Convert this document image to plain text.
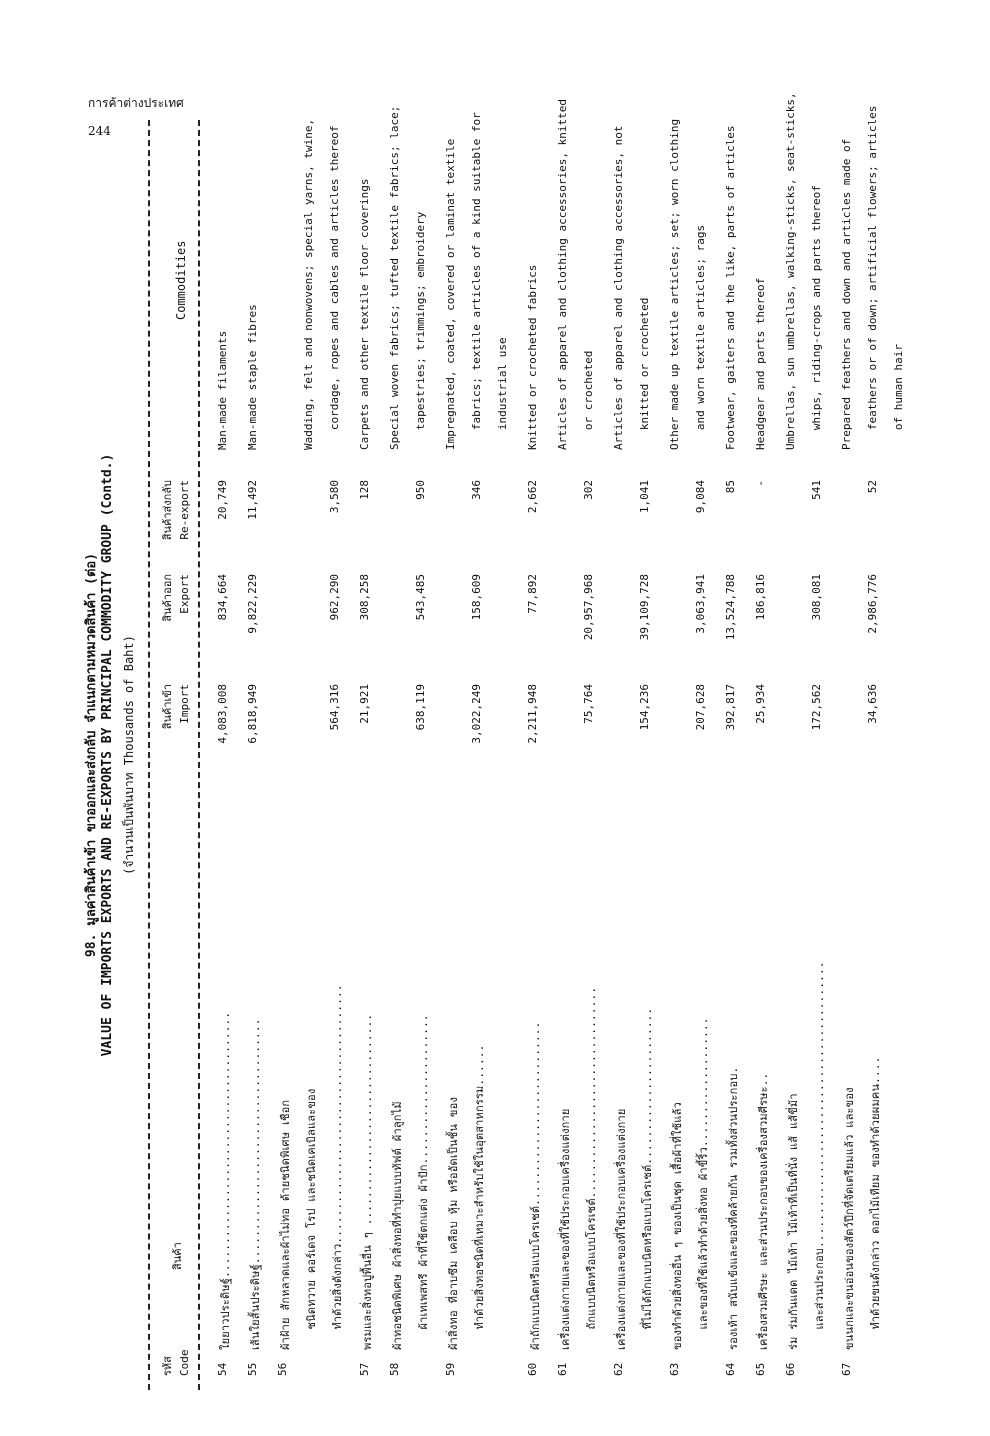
การค้าต่างประเทศ
244
98. มูลค่าสินค้าเข้า ขาออกและส่งกลับ จำแนกตามหมวดสินค้า (ต่อ) VALUE OF IMPORTS EXPORTS AND RE-EXPORTS BY PRINCIPAL COMMODITY GROUP (Contd.) (จำนวนเป็นพันบาท Thousands of Baht)
รหัส Code
สินค้า
สินค้าเข้า Import
สินค้าออก Export
สินค้าส่งกลับ Re-export
Commodities
54
ใยยาวประดิษฐ์.......................................
4,083,008
834,664
20,749
Man-made filaments
55
เส้นใยสั้นประดิษฐ์....................................
6,818,949
9,822,229
11,492
Man-made staple fibres
56
ผ้าฝ้าย สักหลาดและผ้าไม่ทอ ด้ายชนิดพิเศษ เชือก ชนิดทวาย คอร์เดจ โรป และชนิดเคเบิลและของ ทำด้วยสิ่งดังกล่าว......................................
564,316
962,290
3,580
Wadding, felt and nonwovens; special yarns, twine, cordage, ropes and cables and articles thereof
57
พรมและสิ่งทอปูพื้นอื่น ๆ ...............................
21,921
308,258
128
Carpets and other textile floor coverings
58
ผ้าทอชนิดพิเศษ ผ้าสิ่งทอที่ทำปุยแบบทัฟต์ ผ้าลูกไม้ ผ้าเทเพสทรี ผ้าที่ใช้ตกแต่ง ผ้าปัก......................
638,119
543,485
950
Special woven fabrics; tufted textile fabrics; lace; tapestries; trimmings; embroidery
59
ผ้าสิ่งทอ ที่อาบซึม เคลือบ หุ้ม หรืออัดเป็นชั้น ของ ทำด้วยสิ่งทอชนิดที่เหมาะสำหรับใช้ในอุตสาหกรรม......
3,022,249
158,609
346
Impregnated, coated, covered or laminat textile fabrics; textile articles of a kind suitable for industrial use
60
ผ้าถักแบบนิตหรือแบบโครเชต์...........................
2,211,948
77,892
2,662
Knitted or crocheted fabrics
61
เครื่องแต่งกายและของที่ใช้ประกอบเครื่องแต่งกาย ถักแบบนิตหรือแบบโครเชต์...............................
75,764
20,957,968
302
Articles of apparel and clothing accessories, knitted or crocheted
62
เครื่องแต่งกายและของที่ใช้ประกอบเครื่องแต่งกาย ที่ไม่ได้ถักแบบนิตหรือแบบโครเชต์.......................
154,236
39,109,728
1,041
Articles of apparel and clothing accessories, not knitted or crocheted
63
ของทำด้วยสิ่งทออื่น ๆ ของเป็นชุด เสื้อผ้าที่ใช้แล้ว และของที่ใช้แล้วทำด้วยสิ่งทอ ผ้าขี้ริ้ว...................
207,628
3,063,941
9,084
Other made up textile articles; set; worn clothing and worn textile articles; rags
64
รองเท้า สนับแข้งและของที่คล้ายกัน รวมทั้งส่วนประกอบ.
392,817
13,524,788
85
Footwear, gaiters and the like, parts of articles
65
เครื่องสวมศีรษะ และส่วนประกอบของเครื่องสวมศีรษะ..
25,934
186,816
-
Headgear and parts thereof
66
ร่ม ร่มกันแดด ไม้เท้า ไม้เท้าที่เป็นที่นั่ง แส้ แส้ขี่ม้า และส่วนประกอบ..........................................
172,562
308,081
541
Umbrellas, sun umbrellas, walking-sticks, seat-sticks, whips, riding-crops and parts thereof
67
ขนนกและขนอ่อนของสัตว์ปีกที่จัดเตรียมแล้ว และของ ทำด้วยขนดังกล่าว ดอกไม้เทียม ของทำด้วยผมคน....
34,636
2,986,776
52
Prepared feathers and down and articles made of feathers or of down; artificial flowers; articles of human hair
